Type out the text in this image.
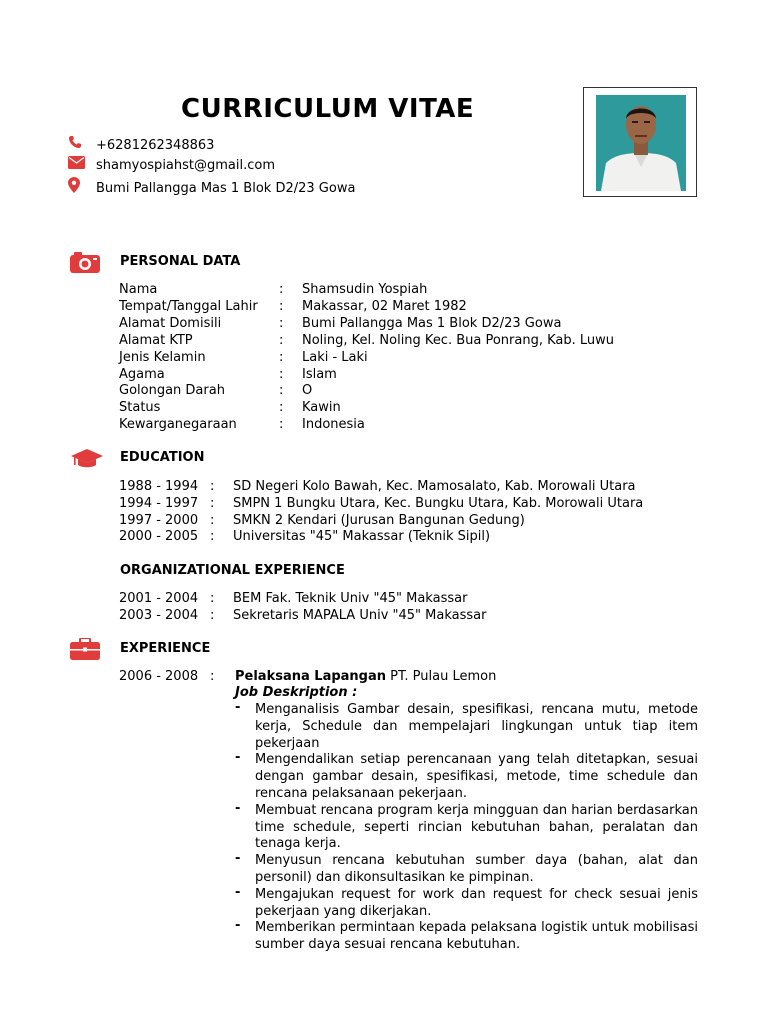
CURRICULUM VITAE
+6281262348863
shamyospiahst@gmail.com
Bumi Pallangga Mas 1 Blok D2/23 Gowa
PERSONAL DATA
Nama	: Shamsudin Yospiah
Tempat/Tanggal Lahir : Makassar, 02 Maret 1982
Alamat Domisili	: Bumi Pallangga Mas 1 Blok D2/23 Gowa
Alamat KTP	: Noling, Kel. Noling Kec. Bua Ponrang, Kab. Luwu
Jenis Kelamin	: Laki - Laki
Agama	: Islam
Golongan Darah	: O
Status	: Kawin
Kewarganegaraan	: Indonesia
EDUCATION
1988 - 1994 : SD Negeri Kolo Bawah, Kec. Mamosalato, Kab. Morowali Utara
1994 - 1997 : SMPN 1 Bungku Utara, Kec. Bungku Utara, Kab. Morowali Utara
1997 - 2000 : SMKN 2 Kendari (Jurusan Bangunan Gedung)
2000 - 2005 : Universitas "45" Makassar (Teknik Sipil)
ORGANIZATIONAL EXPERIENCE
2001 - 2004 : BEM Fak. Teknik Univ "45" Makassar
2003 - 2004 : Sekretaris MAPALA Univ "45" Makassar
EXPERIENCE
2006 - 2008 : Pelaksana Lapangan PT. Pulau Lemon
Job Deskription :
- Menganalisis Gambar desain, spesifikasi, rencana mutu, metode kerja, Schedule dan mempelajari lingkungan untuk tiap item pekerjaan
- Mengendalikan setiap perencanaan yang telah ditetapkan, sesuai dengan gambar desain, spesifikasi, metode, time schedule dan rencana pelaksanaan pekerjaan.
- Membuat rencana program kerja mingguan dan harian berdasarkan time schedule, seperti rincian kebutuhan bahan, peralatan dan tenaga kerja.
- Menyusun rencana kebutuhan sumber daya (bahan, alat dan personil) dan dikonsultasikan ke pimpinan.
- Mengajukan request for work dan request for check sesuai jenis pekerjaan yang dikerjakan.
- Memberikan permintaan kepada pelaksana logistik untuk mobilisasi sumber daya sesuai rencana kebutuhan.
